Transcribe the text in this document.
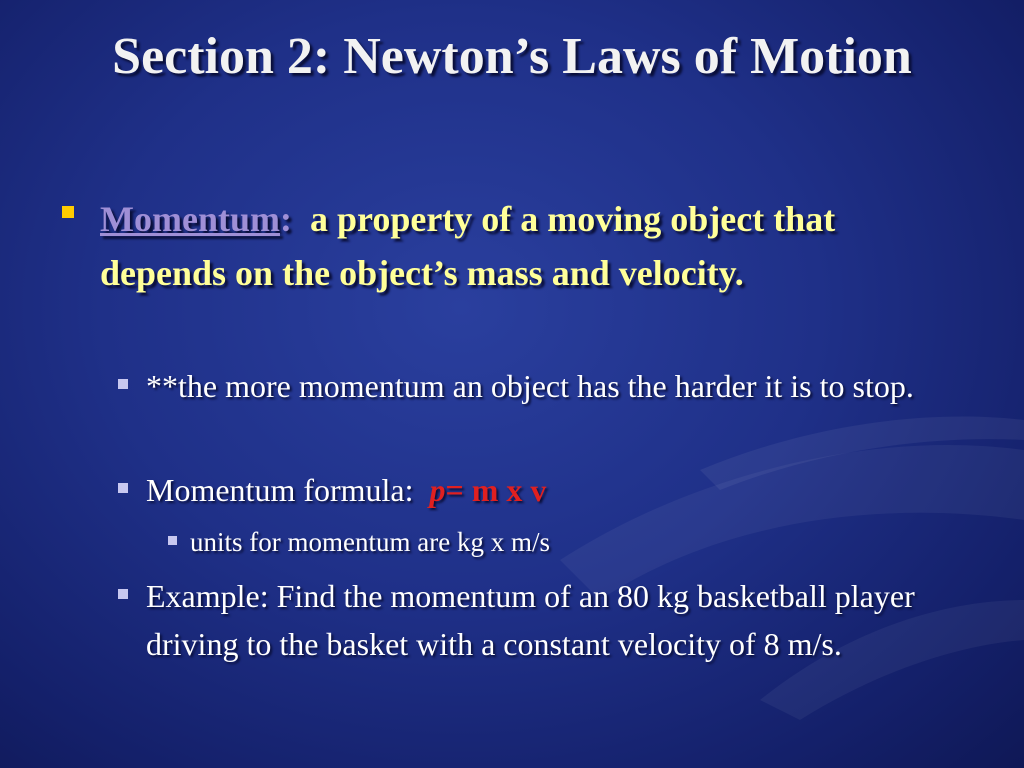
Section 2: Newton’s Laws of Motion
Momentum:  a property of a moving object that depends on the object’s mass and velocity.
**the more momentum an object has the harder it is to stop.
Momentum formula:  p= m x v
units for momentum are kg x m/s
Example: Find the momentum of an 80 kg basketball player driving to the basket with a constant velocity of 8 m/s.
